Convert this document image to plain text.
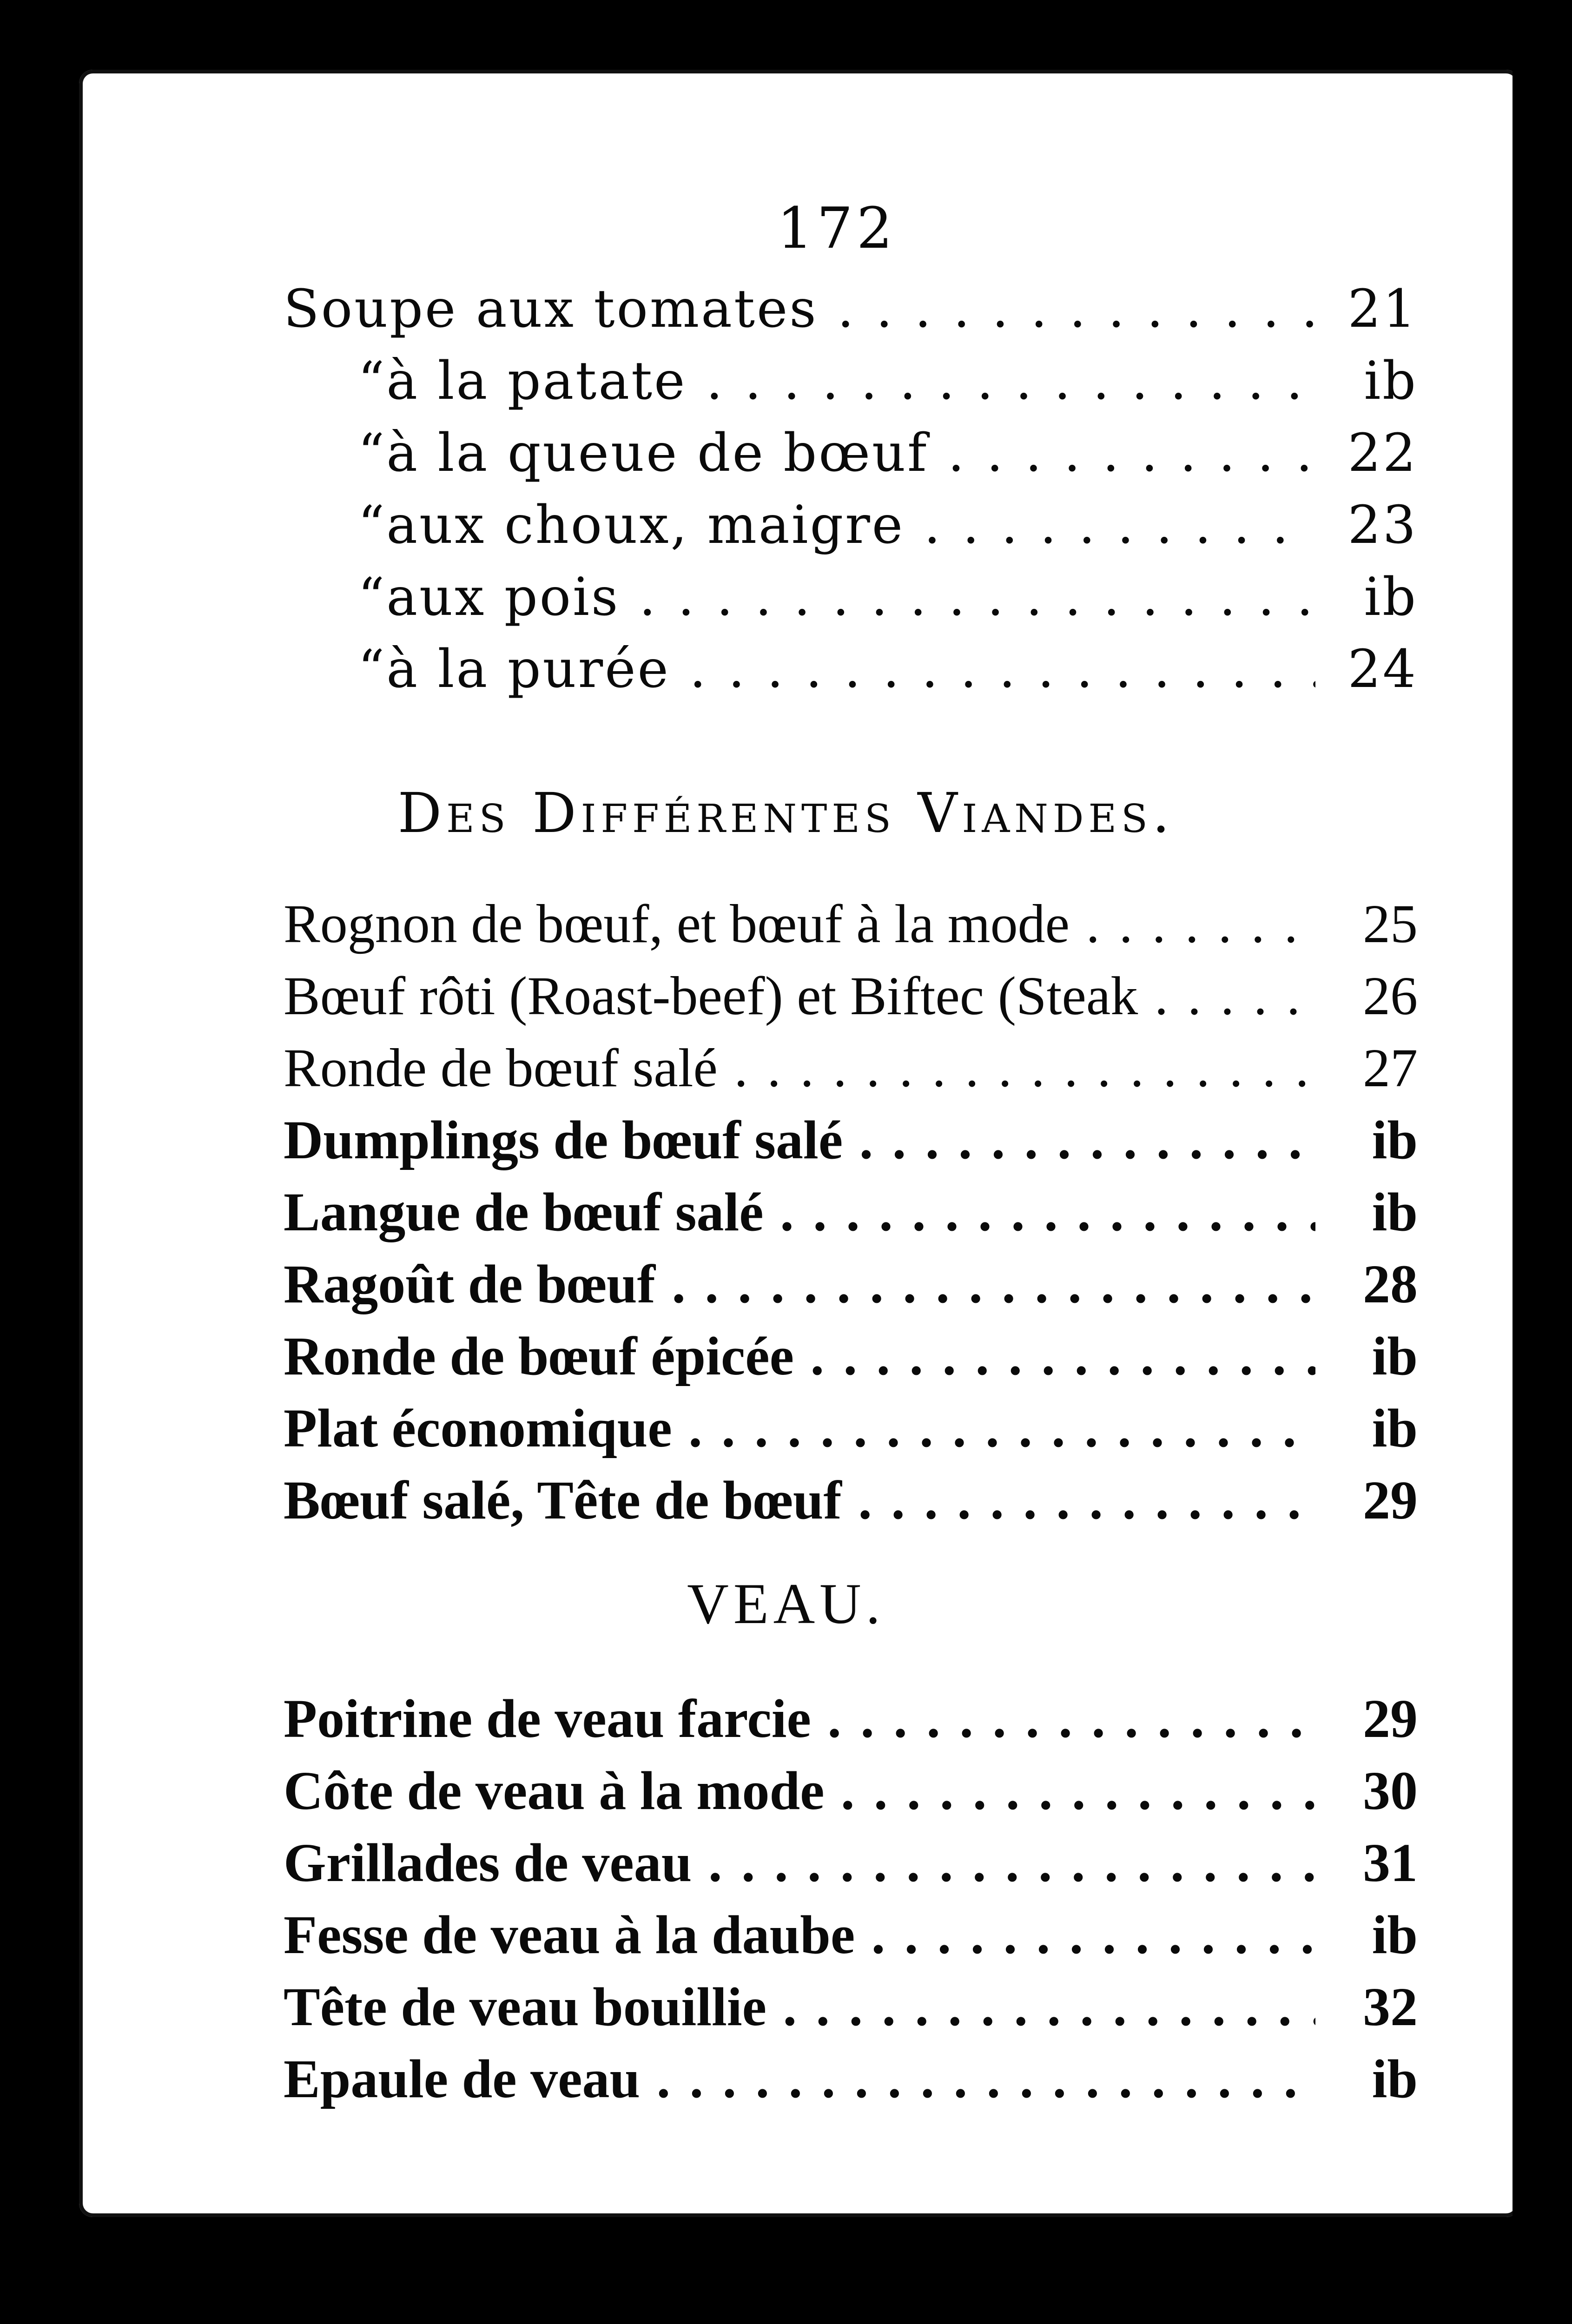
172
Soupe aux tomates . . .	21
“ à la patate . . .	ib
“ à la queue de bœuf . . .	22
“ aux choux, maigre . . .	23
“ aux pois . . .	ib
“ à la purée . . .	24
Des Différentes Viandes.
Rognon de bœuf, et bœuf à la mode . . .	25
Bœuf rôti (Roast-beef) et Biftec (Steak . . .	26
Ronde de bœuf salé . . .	27
Dumplings de bœuf salé . . .	ib
Langue de bœuf salé . . .	ib
Ragoût de bœuf . . .	28
Ronde de bœuf épicée . . .	ib
Plat économique . . .	ib
Bœuf salé, Tête de bœuf . . .	29
VEAU.
Poitrine de veau farcie . . .	29
Côte de veau à la mode . . .	30
Grillades de veau . . .	31
Fesse de veau à la daube . . .	ib
Tête de veau bouillie . . .	32
Epaule de veau . . .	ib
